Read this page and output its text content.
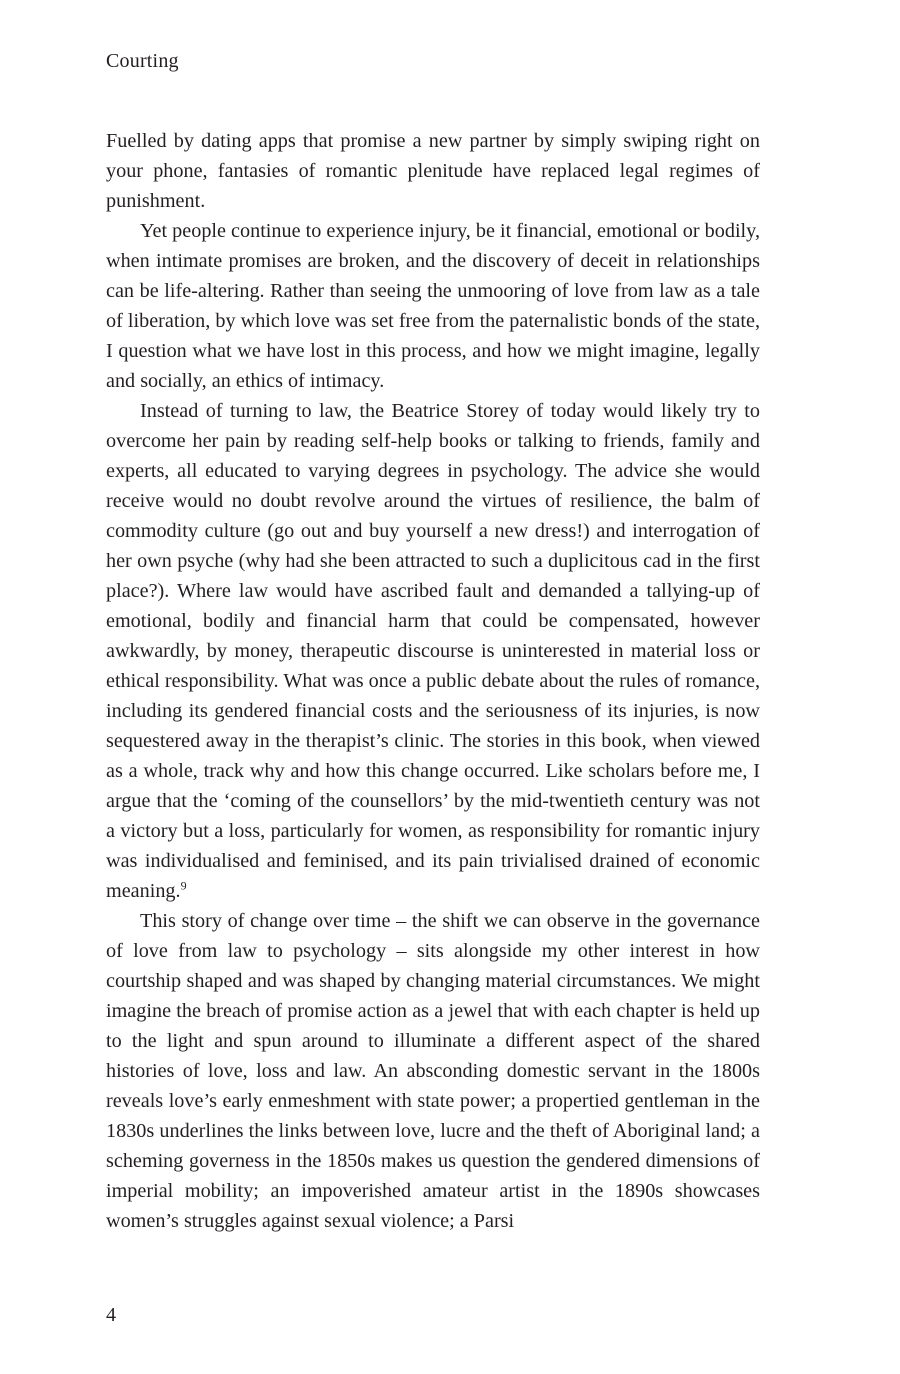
Courting

Fuelled by dating apps that promise a new partner by simply swiping right on your phone, fantasies of romantic plenitude have replaced legal regimes of punishment.

Yet people continue to experience injury, be it financial, emotional or bodily, when intimate promises are broken, and the discovery of deceit in relationships can be life-altering. Rather than seeing the unmooring of love from law as a tale of liberation, by which love was set free from the paternalistic bonds of the state, I question what we have lost in this process, and how we might imagine, legally and socially, an ethics of intimacy.

Instead of turning to law, the Beatrice Storey of today would likely try to overcome her pain by reading self-help books or talking to friends, family and experts, all educated to varying degrees in psychology. The advice she would receive would no doubt revolve around the virtues of resilience, the balm of commodity culture (go out and buy yourself a new dress!) and interrogation of her own psyche (why had she been attracted to such a duplicitous cad in the first place?). Where law would have ascribed fault and demanded a tallying-up of emotional, bodily and financial harm that could be compensated, however awkwardly, by money, therapeutic discourse is uninterested in material loss or ethical responsibility. What was once a public debate about the rules of romance, including its gendered financial costs and the seriousness of its injuries, is now sequestered away in the therapist’s clinic. The stories in this book, when viewed as a whole, track why and how this change occurred. Like scholars before me, I argue that the ‘coming of the counsellors’ by the mid-twentieth century was not a victory but a loss, particularly for women, as responsibility for romantic injury was individualised and feminised, and its pain trivialised drained of economic meaning.$^9$

This story of change over time – the shift we can observe in the governance of love from law to psychology – sits alongside my other interest in how courtship shaped and was shaped by changing material circumstances. We might imagine the breach of promise action as a jewel that with each chapter is held up to the light and spun around to illuminate a different aspect of the shared histories of love, loss and law. An absconding domestic servant in the 1800s reveals love’s early enmeshment with state power; a propertied gentleman in the 1830s underlines the links between love, lucre and the theft of Aboriginal land; a scheming governess in the 1850s makes us question the gendered dimensions of imperial mobility; an impoverished amateur artist in the 1890s showcases women’s struggles against sexual violence; a Parsi

4
